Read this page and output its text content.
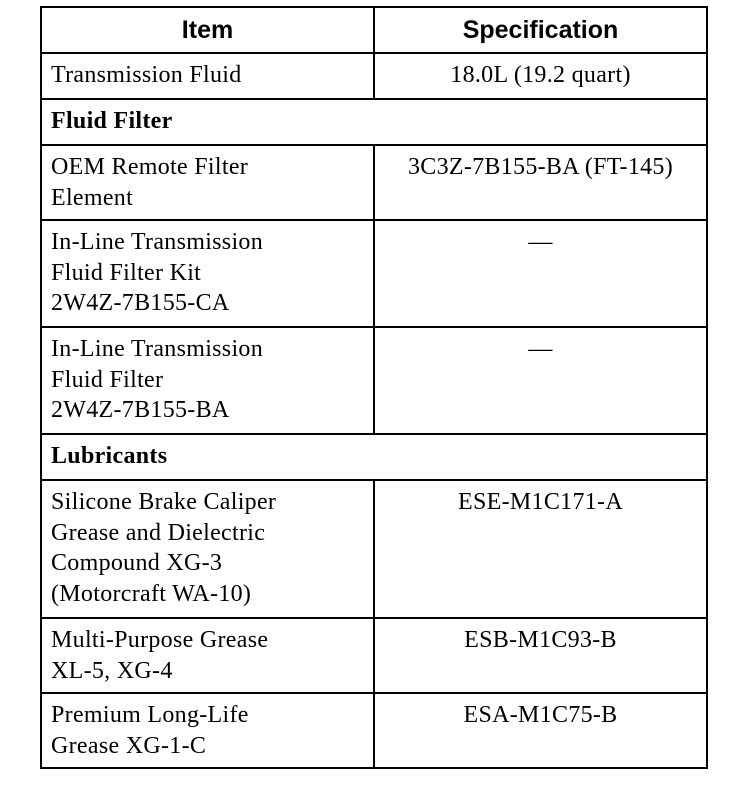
Item	Specification
Transmission Fluid	18.0L (19.2 quart)
Fluid Filter	

OEM Remote Filter
Element	3C3Z-7B155-BA (FT-145)

In-Line Transmission
Fluid Filter Kit
2W4Z-7B155-CA	—

In-Line Transmission
Fluid Filter
2W4Z-7B155-BA	—
Lubricants	

Silicone Brake Caliper
Grease and Dielectric
Compound XG-3
(Motorcraft WA-10)	ESE-M1C171-A

Multi-Purpose Grease
XL-5, XG-4	ESB-M1C93-B

Premium Long-Life
Grease XG-1-C	ESA-M1C75-B
